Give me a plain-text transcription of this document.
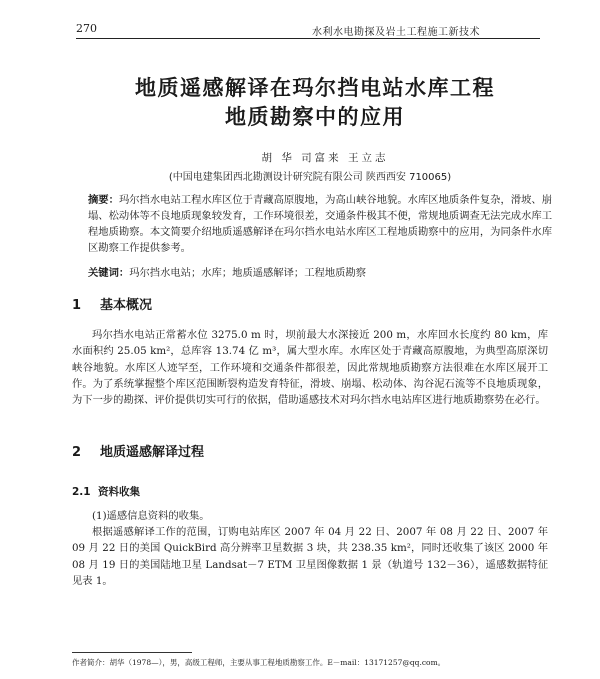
270	水利水电勘探及岩土工程施工新技术
地质遥感解译在玛尔挡电站水库工程
地质勘察中的应用
胡 华 司富来 王立志
(中国电建集团西北勘测设计研究院有限公司 陕西西安 710065)
摘要：玛尔挡水电站工程水库区位于青藏高原腹地，为高山峡谷地貌。水库区地质条件复杂，滑坡、崩塌、松动体等不良地质现象较发育，工作环境很差，交通条件极其不便，常规地质调查无法完成水库工程地质勘察。本文简要介绍地质遥感解译在玛尔挡水电站水库区工程地质勘察中的应用，为同条件水库区勘察工作提供参考。
关键词：玛尔挡水电站；水库；地质遥感解译；工程地质勘察
1 基本概况
玛尔挡水电站正常蓄水位 3275.0 m 时，坝前最大水深接近 200 m，水库回水长度约 80 km，库水面积约 25.05 km²，总库容 13.74 亿 m³，属大型水库。水库区处于青藏高原腹地，为典型高原深切峡谷地貌。水库区人迹罕至，工作环境和交通条件都很差，因此常规地质勘察方法很难在水库区展开工作。为了系统掌握整个库区范围断裂构造发育特征，滑坡、崩塌、松动体、沟谷泥石流等不良地质现象，为下一步的勘探、评价提供切实可行的依据，借助遥感技术对玛尔挡水电站库区进行地质勘察势在必行。
2 地质遥感解译过程
2.1 资料收集
(1)遥感信息资料的收集。
根据遥感解译工作的范围，订购电站库区 2007 年 04 月 22 日、2007 年 08 月 22 日、2007 年 09 月 22 日的美国 QuickBird 高分辨率卫星数据 3 块，共 238.35 km²，同时还收集了该区 2000 年 08 月 19 日的美国陆地卫星 Landsat－7 ETM 卫星图像数据 1 景（轨道号 132－36），遥感数据特征见表 1。
作者简介：胡华（1978—），男，高级工程师，主要从事工程地质勘察工作。E－mail：13171257@qq.com。
